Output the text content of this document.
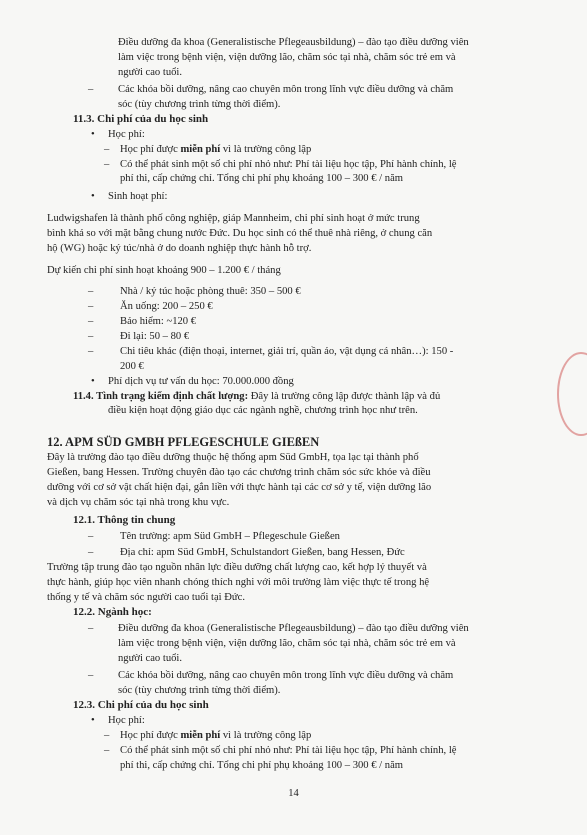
Điều dưỡng đa khoa (Generalistische Pflegeausbildung) – đào tạo điều dưỡng viên
làm việc trong bệnh viện, viện dưỡng lão, chăm sóc tại nhà, chăm sóc trẻ em và
người cao tuổi.
– Các khóa bồi dưỡng, nâng cao chuyên môn trong lĩnh vực điều dưỡng và chăm
sóc (tùy chương trình từng thời điểm).
11.3. Chi phí của du học sinh
• Học phí:
– Học phí được miễn phí vì là trường công lập
– Có thể phát sinh một số chi phí nhỏ như: Phí tài liệu học tập, Phí hành chính, lệ
phí thi, cấp chứng chỉ. Tổng chi phí phụ khoảng 100 – 300 € / năm
• Sinh hoạt phí:
Ludwigshafen là thành phố công nghiệp, giáp Mannheim, chi phí sinh hoạt ở mức trung
bình khá so với mặt bằng chung nước Đức. Du học sinh có thể thuê nhà riêng, ở chung căn
hộ (WG) hoặc ký túc/nhà ở do doanh nghiệp thực hành hỗ trợ.
Dự kiến chi phí sinh hoạt khoảng 900 – 1.200 € / tháng
–	Nhà / ký túc hoặc phòng thuê: 350 – 500 €
–	Ăn uống: 200 – 250 €
–	Bảo hiểm: ~120 €
–	Đi lại: 50 – 80 €
–	Chi tiêu khác (điện thoại, internet, giải trí, quần áo, vật dụng cá nhân…): 150 -
200 €
• Phí dịch vụ tư vấn du học: 70.000.000 đồng
11.4. Tình trạng kiểm định chất lượng: Đây là trường công lập được thành lập và đủ
điều kiện hoạt động giáo dục các ngành nghề, chương trình học như trên.
12. APM SÜD GMBH PFLEGESCHULE GIEßEN
Đây là trường đào tạo điều dưỡng thuộc hệ thống apm Süd GmbH, tọa lạc tại thành phố
Gießen, bang Hessen. Trường chuyên đào tạo các chương trình chăm sóc sức khỏe và điều
dưỡng với cơ sở vật chất hiện đại, gắn liền với thực hành tại các cơ sở y tế, viện dưỡng lão
và dịch vụ chăm sóc tại nhà trong khu vực.
12.1. Thông tin chung
–	Tên trường: apm Süd GmbH – Pflegeschule Gießen
–	Địa chỉ: apm Süd GmbH, Schulstandort Gießen, bang Hessen, Đức
Trường tập trung đào tạo nguồn nhân lực điều dưỡng chất lượng cao, kết hợp lý thuyết và
thực hành, giúp học viên nhanh chóng thích nghi với môi trường làm việc thực tế trong hệ
thống y tế và chăm sóc người cao tuổi tại Đức.
12.2. Ngành học:
– Điều dưỡng đa khoa (Generalistische Pflegeausbildung) – đào tạo điều dưỡng viên
làm việc trong bệnh viện, viện dưỡng lão, chăm sóc tại nhà, chăm sóc trẻ em và
người cao tuổi.
– Các khóa bồi dưỡng, nâng cao chuyên môn trong lĩnh vực điều dưỡng và chăm
sóc (tùy chương trình từng thời điểm).
12.3. Chi phí của du học sinh
• Học phí:
– Học phí được miễn phí vì là trường công lập
– Có thể phát sinh một số chi phí nhỏ như: Phí tài liệu học tập, Phí hành chính, lệ
phí thi, cấp chứng chỉ. Tổng chi phí phụ khoảng 100 – 300 € / năm
14
